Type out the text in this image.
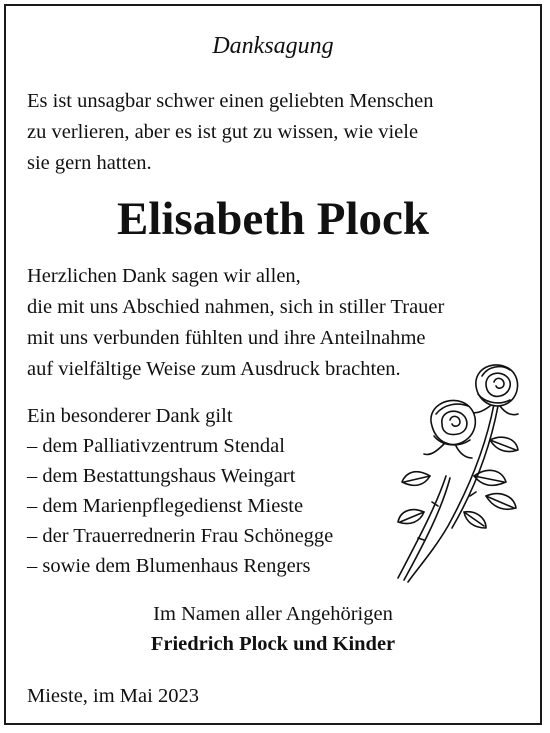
Danksagung
Es ist unsagbar schwer einen geliebten Menschen
zu verlieren, aber es ist gut zu wissen, wie viele
sie gern hatten.
Elisabeth Plock
Herzlichen Dank sagen wir allen,
die mit uns Abschied nahmen, sich in stiller Trauer
mit uns verbunden fühlten und ihre Anteilnahme
auf vielfältige Weise zum Ausdruck brachten.
Ein besonderer Dank gilt
– dem Palliativzentrum Stendal
– dem Bestattungshaus Weingart
– dem Marienpflegedienst Mieste
– der Trauerrednerin Frau Schönegge
– sowie dem Blumenhaus Rengers
Im Namen aller Angehörigen
Friedrich Plock und Kinder
Mieste, im Mai 2023
